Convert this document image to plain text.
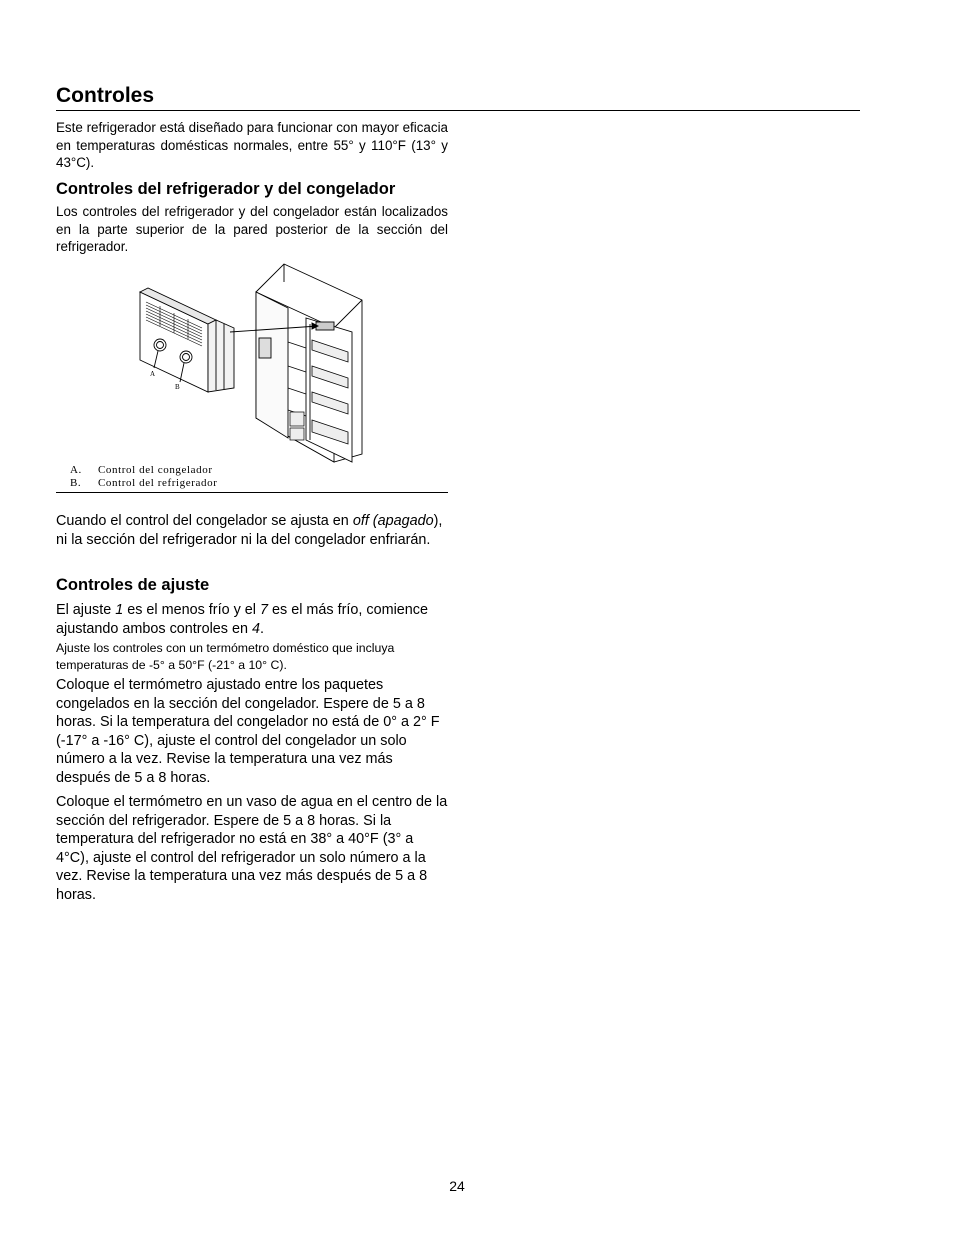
Controles

Este refrigerador está diseñado para funcionar con mayor eficacia en temperaturas domésticas normales, entre 55° y 110°F (13° y 43°C).

Controles del refrigerador y del congelador

Los controles del refrigerador y del congelador están localizados en la parte superior de la pared posterior de la sección del refrigerador.

A
B
A.	Control del congelador
B.	Control del refrigerador

Cuando el control del congelador se ajusta en off (apagado), ni la sección del refrigerador ni la del congelador enfriarán.

Controles de ajuste

El ajuste 1 es el menos frío y el 7 es el más frío, comience ajustando ambos controles en 4.

Ajuste los controles con un termómetro doméstico que incluya temperaturas de -5° a 50°F (-21° a 10° C).

Coloque el termómetro ajustado entre los paquetes congelados en la sección del congelador. Espere de 5 a 8 horas. Si la temperatura del congelador no está de 0° a 2° F (-17° a -16° C), ajuste el control del congelador un solo número a la vez. Revise la temperatura una vez más después de 5 a 8 horas.

Coloque el termómetro en un vaso de agua en el centro de la sección del refrigerador. Espere de 5 a 8 horas. Si la temperatura del refrigerador no está en 38° a 40°F (3° a 4°C), ajuste el control del refrigerador un solo número a la vez. Revise la temperatura una vez más después de 5 a 8 horas.

24
